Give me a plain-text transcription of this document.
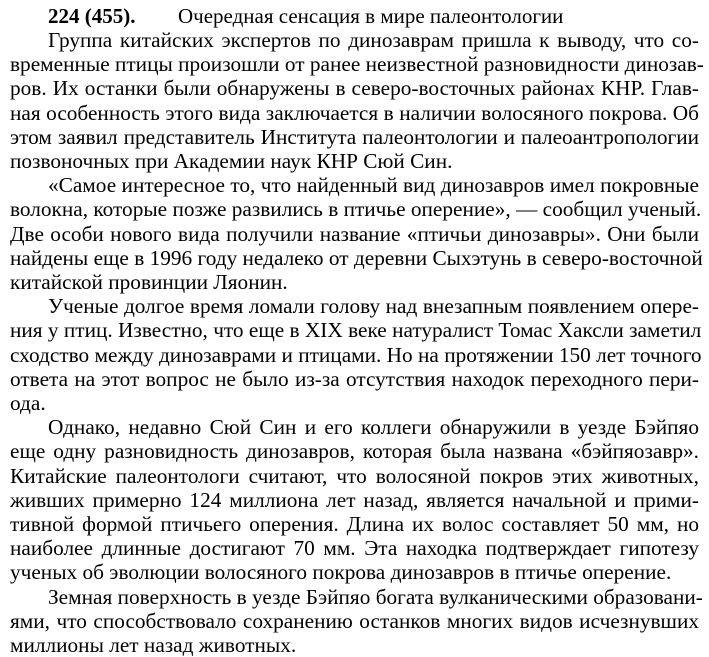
224 (455). Очередная сенсация в мире палеонтологии
Группа китайских экспертов по динозаврам пришла к выводу, что со-
временные птицы произошли от ранее неизвестной разновидности динозав-
ров. Их останки были обнаружены в северо-восточных районах КНР. Глав-
ная особенность этого вида заключается в наличии волосяного покрова. Об
этом заявил представитель Института палеонтологии и палеоантропологии
позвоночных при Академии наук КНР Сюй Син.
«Самое интересное то, что найденный вид динозавров имел покровные
волокна, которые позже развились в птичье оперение», — сообщил ученый.
Две особи нового вида получили название «птичьи динозавры». Они были
найдены еще в 1996 году недалеко от деревни Сыхэтунь в северо-восточной
китайской провинции Ляонин.
Ученые долгое время ломали голову над внезапным появлением опере-
ния у птиц. Известно, что еще в XIX веке натуралист Томас Хаксли заметил
сходство между динозаврами и птицами. Но на протяжении 150 лет точного
ответа на этот вопрос не было из-за отсутствия находок переходного пери-
ода.
Однако, недавно Сюй Син и его коллеги обнаружили в уезде Бэйпяо
еще одну разновидность динозавров, которая была названа «бэйпяозавр».
Китайские палеонтологи считают, что волосяной покров этих животных,
живших примерно 124 миллиона лет назад, является начальной и прими-
тивной формой птичьего оперения. Длина их волос составляет 50 мм, но
наиболее длинные достигают 70 мм. Эта находка подтверждает гипотезу
ученых об эволюции волосяного покрова динозавров в птичье оперение.
Земная поверхность в уезде Бэйпяо богата вулканическими образовани-
ями, что способствовало сохранению останков многих видов исчезнувших
миллионы лет назад животных.
